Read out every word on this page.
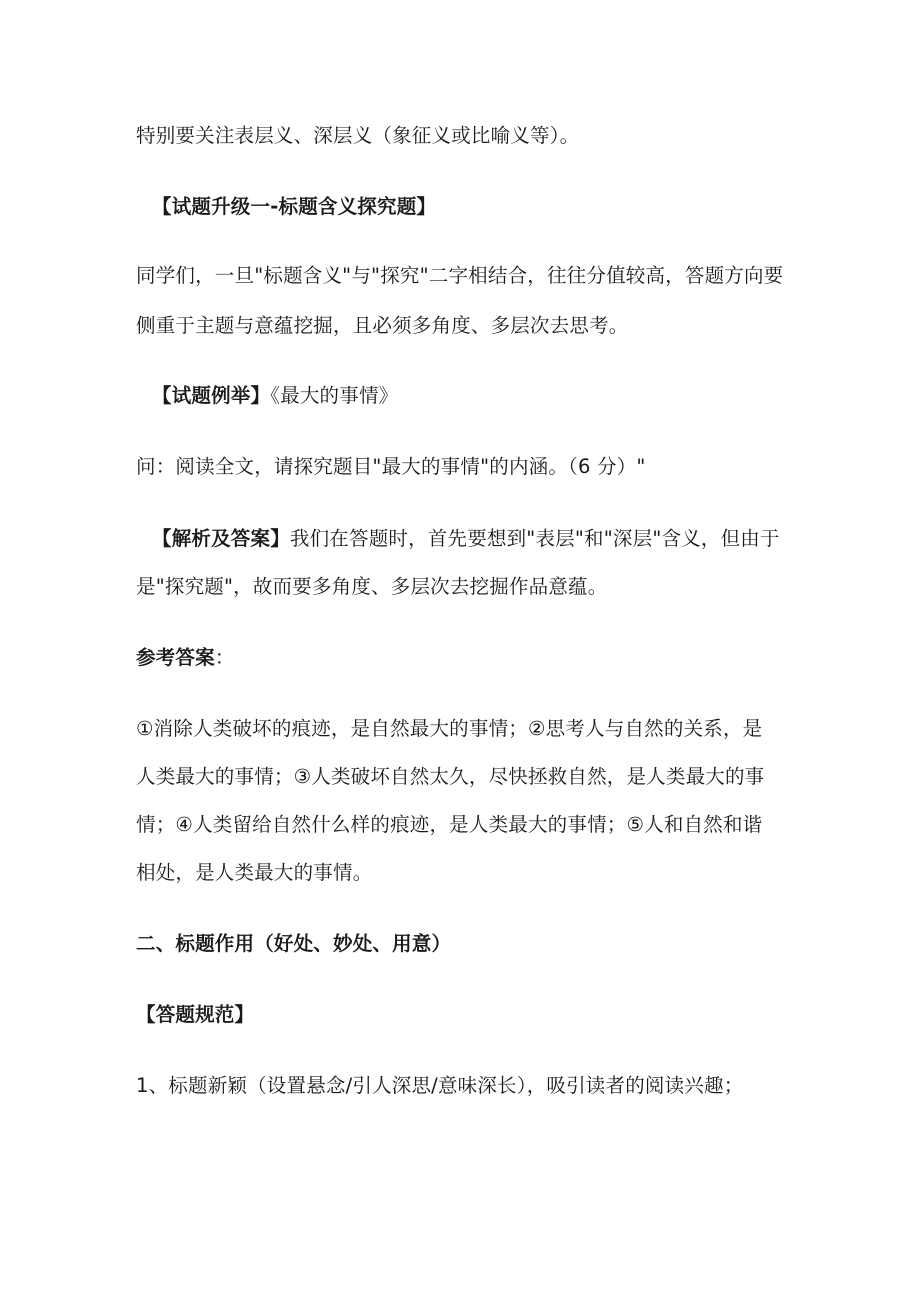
特别要关注表层义、深层义（象征义或比喻义等）。
【试题升级一-标题含义探究题】
同学们，一旦"标题含义"与"探究"二字相结合，往往分值较高，答题方向要
侧重于主题与意蕴挖掘，且必须多角度、多层次去思考。
【试题例举】《最大的事情》
问：阅读全文，请探究题目"最大的事情"的内涵。（6 分）"
【解析及答案】我们在答题时，首先要想到"表层"和"深层"含义，但由于
是"探究题"，故而要多角度、多层次去挖掘作品意蕴。
参考答案：
①消除人类破坏的痕迹，是自然最大的事情；②思考人与自然的关系，是
人类最大的事情；③人类破坏自然太久，尽快拯救自然，是人类最大的事
情；④人类留给自然什么样的痕迹，是人类最大的事情；⑤人和自然和谐
相处，是人类最大的事情。
二、标题作用（好处、妙处、用意）
【答题规范】
1、标题新颖（设置悬念/引人深思/意味深长），吸引读者的阅读兴趣；
